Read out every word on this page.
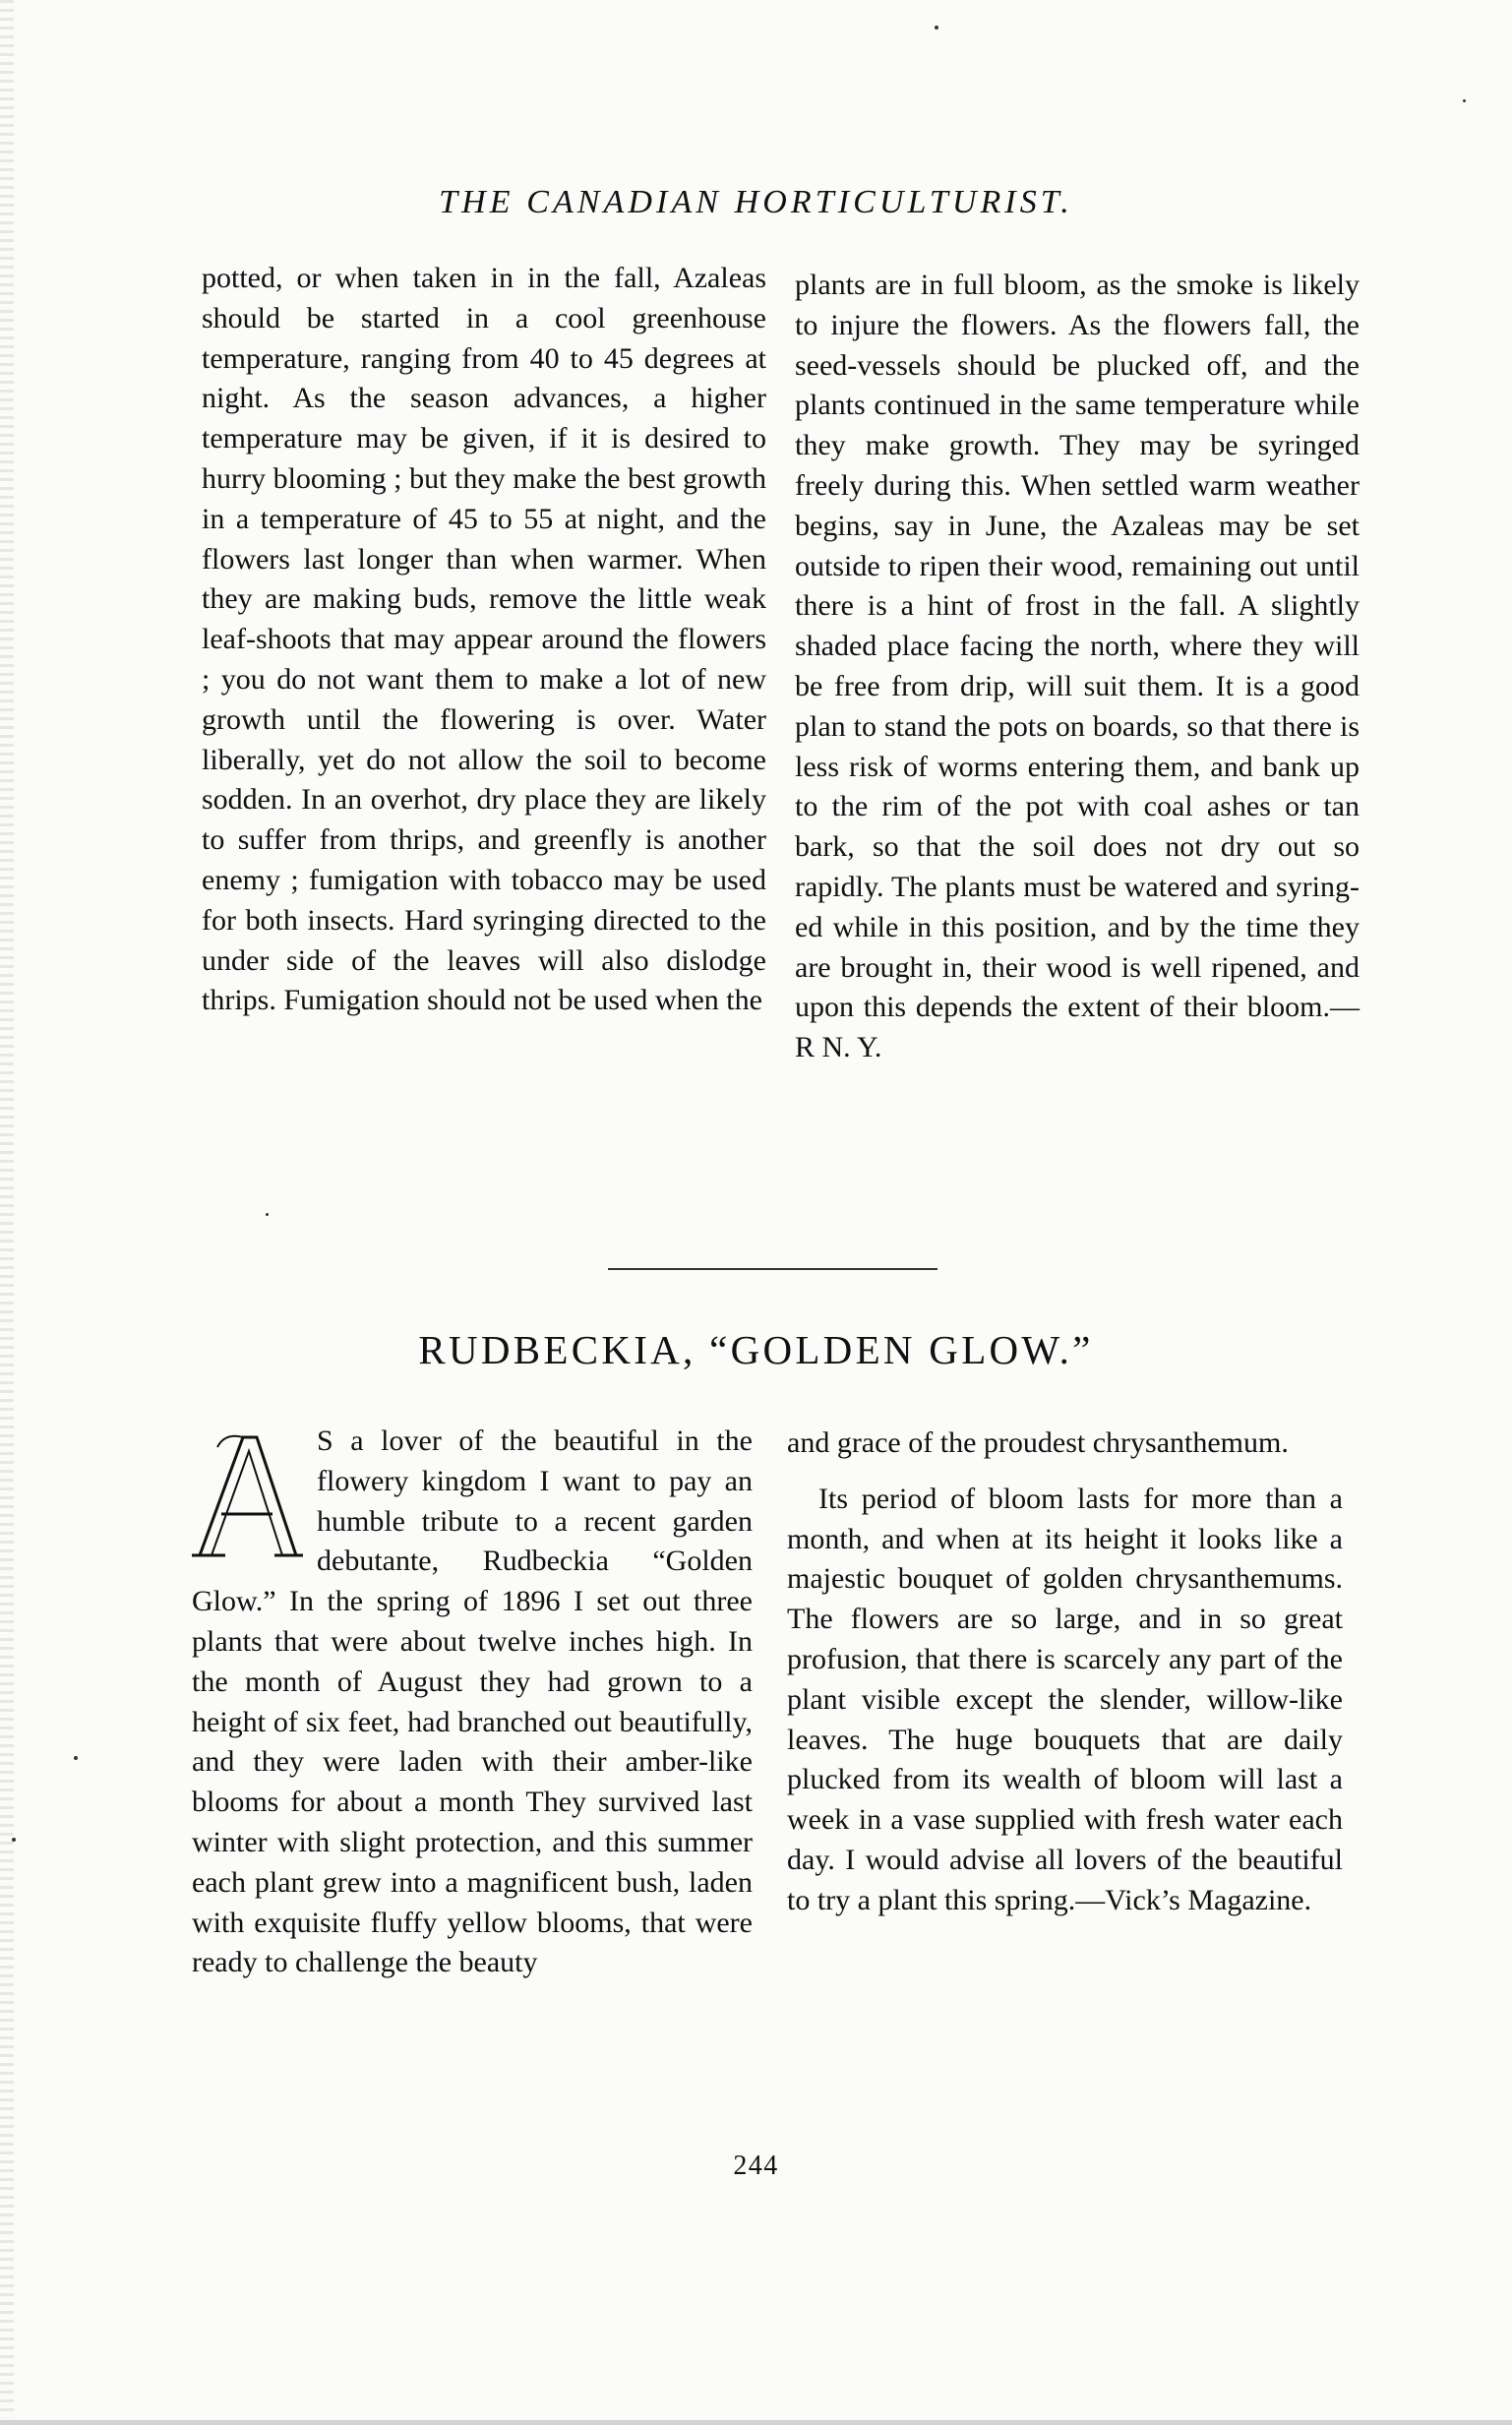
THE CANADIAN HORTICULTURIST.
potted, or when taken in in the fall, Azaleas should be started in a cool greenhouse temperature, ranging from 40 to 45 degrees at night. As the season advances, a higher temperature may be given, if it is desired to hurry blooming ; but they make the best growth in a temperature of 45 to 55 at night, and the flowers last longer than when warmer. When they are making buds, remove the little weak leaf-shoots that may appear around the flowers ; you do not want them to make a lot of new growth until the flowering is over. Water liberally, yet do not allow the soil to become sodden. In an overhot, dry place they are likely to suffer from thrips, and greenfly is another enemy ; fumigation with tobacco may be used for both insects. Hard syringing directed to the under side of the leaves will also dislodge thrips. Fumigation should not be used when the
plants are in full bloom, as the smoke is likely to injure the flowers. As the flowers fall, the seed-vessels should be plucked off, and the plants continued in the same temperature while they make growth. They may be syringed freely during this. When settled warm weather begins, say in June, the Azaleas may be set outside to ripen their wood, remaining out until there is a hint of frost in the fall. A slightly shaded place facing the north, where they will be free from drip, will suit them. It is a good plan to stand the pots on boards, so that there is less risk of worms entering them, and bank up to the rim of the pot with coal ashes or tan bark, so that the soil does not dry out so rapidly. The plants must be watered and syringed while in this position, and by the time they are brought in, their wood is well ripened, and upon this depends the extent of their bloom.—R N. Y.
RUDBECKIA, “GOLDEN GLOW.”
A
S a lover of the beautiful in the flowery kingdom I want to pay an humble tribute to a recent garden debutante, Rudbeckia “Golden Glow.” In the spring of 1896 I set out three plants that were about twelve inches high. In the month of August they had grown to a height of six feet, had branched out beautifully, and they were laden with their amber-like blooms for about a month They survived last winter with slight protection, and this summer each plant grew into a magnificent bush, laden with exquisite fluffy yellow blooms, that were ready to challenge the beauty
and grace of the proudest chrysanthemum.
Its period of bloom lasts for more than a month, and when at its height it looks like a majestic bouquet of golden chrysanthemums. The flowers are so large, and in so great profusion, that there is scarcely any part of the plant visible except the slender, willow-like leaves. The huge bouquets that are daily plucked from its wealth of bloom will last a week in a vase supplied with fresh water each day. I would advise all lovers of the beautiful to try a plant this spring.—Vick’s Magazine.
244
